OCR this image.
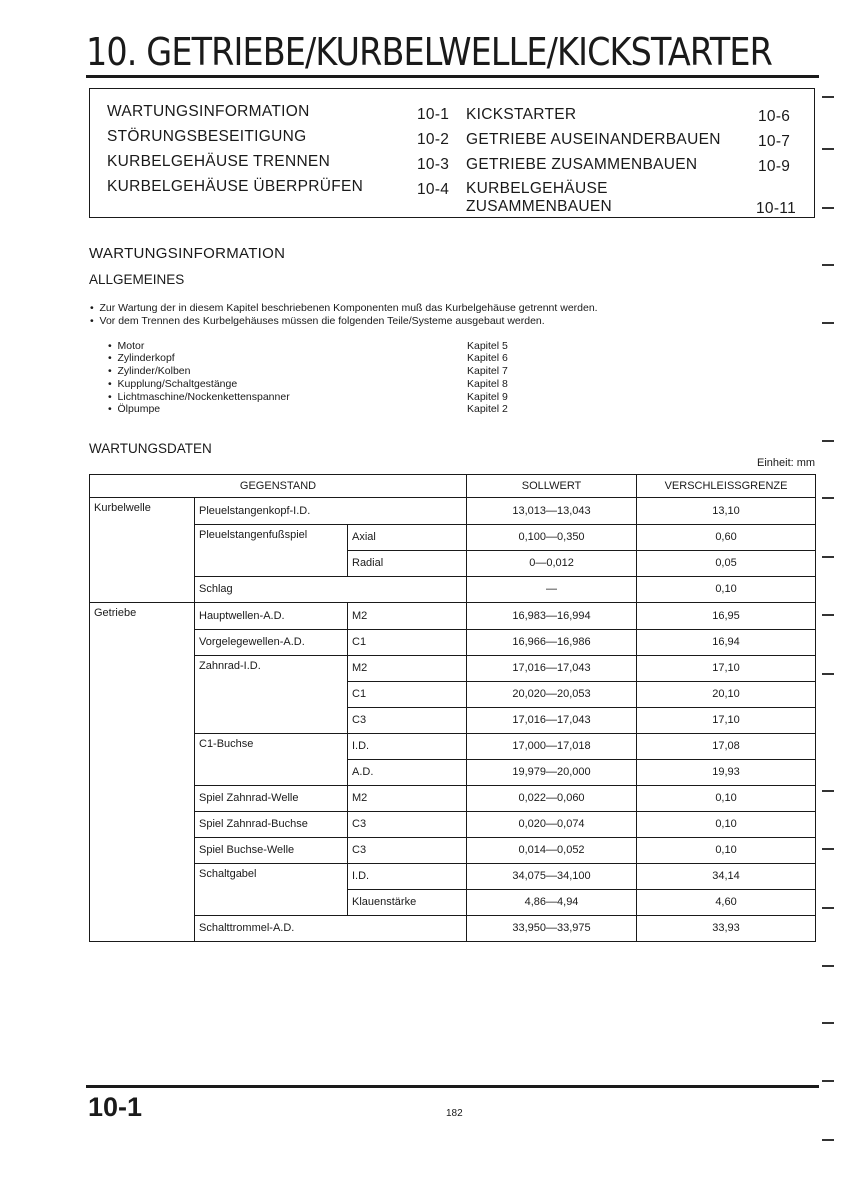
10. GETRIEBE/KURBELWELLE/KICKSTARTER
WARTUNGSINFORMATION	10-1
STÖRUNGSBESEITIGUNG	10-2
KURBELGEHÄUSE TRENNEN	10-3
KURBELGEHÄUSE ÜBERPRÜFEN	10-4
KICKSTARTER	10-6
GETRIEBE AUSEINANDERBAUEN 10-7
GETRIEBE ZUSAMMENBAUEN	10-9
KURBELGEHÄUSE
ZUSAMMENBAUEN	10-11
WARTUNGSINFORMATION
ALLGEMEINES
•  Zur Wartung der in diesem Kapitel beschriebenen Komponenten muß das Kurbelgehäuse getrennt werden.
•  Vor dem Trennen des Kurbelgehäuses müssen die folgenden Teile/Systeme ausgebaut werden.
•  Motor	Kapitel 5
•  Zylinderkopf	Kapitel 6
•  Zylinder/Kolben	Kapitel 7
•  Kupplung/Schaltgestänge	Kapitel 8
•  Lichtmaschine/Nockenkettenspanner	Kapitel 9
•  Ölpumpe	Kapitel 2
WARTUNGSDATEN
Einheit: mm
GEGENSTAND			SOLLWERT	VERSCHLEISSGRENZE
Kurbelwelle	Pleuelstangenkopf-I.D.		13,013—13,043	13,10
	Pleuelstangenfußspiel	Axial	0,100—0,350	0,60
		Radial	0—0,012	0,05
	Schlag		—	0,10
Getriebe	Hauptwellen-A.D.	M2	16,983—16,994	16,95
	Vorgelegewellen-A.D.	C1	16,966—16,986	16,94
	Zahnrad-I.D.	M2	17,016—17,043	17,10
		C1	20,020—20,053	20,10
		C3	17,016—17,043	17,10
	C1-Buchse	I.D.	17,000—17,018	17,08
		A.D.	19,979—20,000	19,93
	Spiel Zahnrad-Welle	M2	0,022—0,060	0,10
	Spiel Zahnrad-Buchse	C3	0,020—0,074	0,10
	Spiel Buchse-Welle	C3	0,014—0,052	0,10
	Schaltgabel	I.D.	34,075—34,100	34,14
		Klauenstärke	4,86—4,94	4,60
	Schalttrommel-A.D.		33,950—33,975	33,93
10-1	182
